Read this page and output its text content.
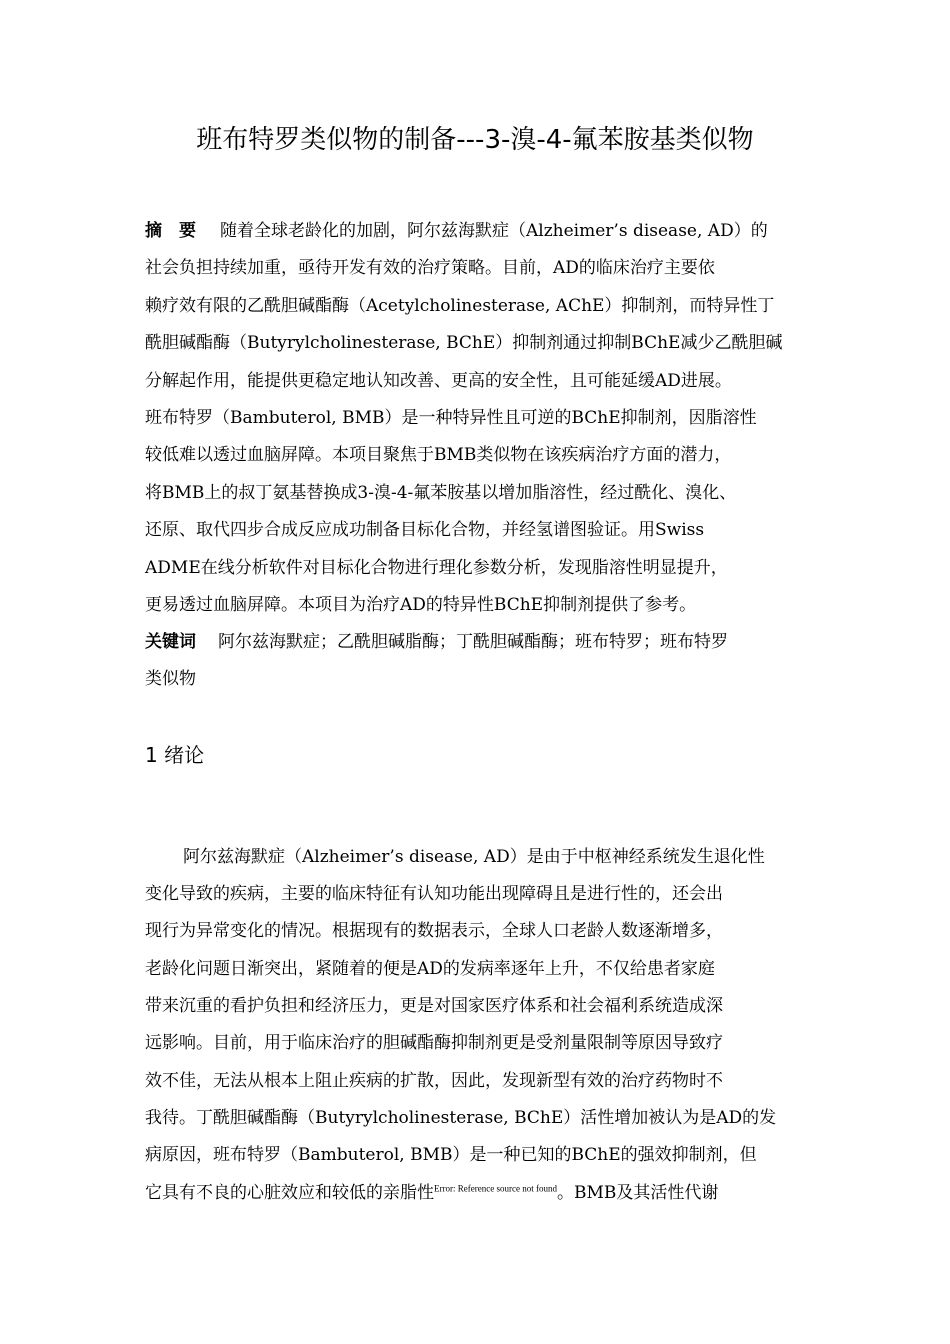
班布特罗类似物的制备---3-溴-4-氟苯胺基类似物
摘　要 随着全球老龄化的加剧，阿尔兹海默症（Alzheimer’s disease, AD）的
社会负担持续加重，亟待开发有效的治疗策略。目前，AD的临床治疗主要依
赖疗效有限的乙酰胆碱酯酶（Acetylcholinesterase, AChE）抑制剂，而特异性丁
酰胆碱酯酶（Butyrylcholinesterase, BChE）抑制剂通过抑制BChE减少乙酰胆碱
分解起作用，能提供更稳定地认知改善、更高的安全性，且可能延缓AD进展。
班布特罗（Bambuterol, BMB）是一种特异性且可逆的BChE抑制剂，因脂溶性
较低难以透过血脑屏障。本项目聚焦于BMB类似物在该疾病治疗方面的潜力，
将BMB上的叔丁氨基替换成3-溴-4-氟苯胺基以增加脂溶性，经过酰化、溴化、
还原、取代四步合成反应成功制备目标化合物，并经氢谱图验证。用Swiss
ADME在线分析软件对目标化合物进行理化参数分析，发现脂溶性明显提升，
更易透过血脑屏障。本项目为治疗AD的特异性BChE抑制剂提供了参考。
关键词 阿尔兹海默症；乙酰胆碱脂酶；丁酰胆碱酯酶；班布特罗；班布特罗
类似物
1 绪论
阿尔兹海默症（Alzheimer’s disease, AD）是由于中枢神经系统发生退化性
变化导致的疾病，主要的临床特征有认知功能出现障碍且是进行性的，还会出
现行为异常变化的情况。根据现有的数据表示，全球人口老龄人数逐渐增多，
老龄化问题日渐突出，紧随着的便是AD的发病率逐年上升，不仅给患者家庭
带来沉重的看护负担和经济压力，更是对国家医疗体系和社会福利系统造成深
远影响。目前，用于临床治疗的胆碱酯酶抑制剂更是受剂量限制等原因导致疗
效不佳，无法从根本上阻止疾病的扩散，因此，发现新型有效的治疗药物时不
我待。丁酰胆碱酯酶（Butyrylcholinesterase, BChE）活性增加被认为是AD的发
病原因，班布特罗（Bambuterol, BMB）是一种已知的BChE的强效抑制剂，但
它具有不良的心脏效应和较低的亲脂性$^{Error: Reference source not found}$。BMB及其活性代谢
